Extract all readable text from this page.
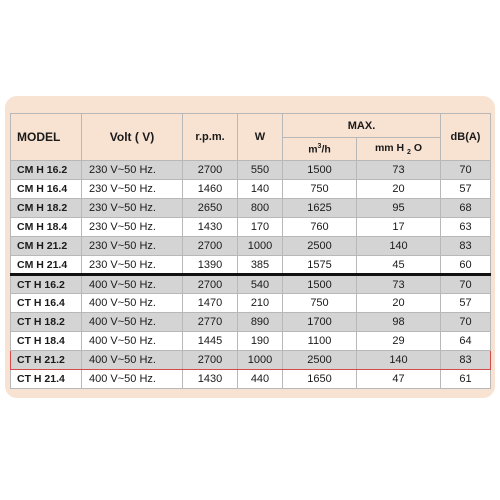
MODEL	Volt ( V)	r.p.m.	W	MAX.		dB(A)
				$m^3/h$	mm H $_2$ O	
CM H 16.2	230 V~50 Hz.	2700	550	1500	73	70
CM H 16.4	230 V~50 Hz.	1460	140	750	20	57
CM H 18.2	230 V~50 Hz.	2650	800	1625	95	68
CM H 18.4	230 V~50 Hz.	1430	170	760	17	63
CM H 21.2	230 V~50 Hz.	2700	1000	2500	140	83
CM H 21.4	230 V~50 Hz.	1390	385	1575	45	60
CT H 16.2	400 V~50 Hz.	2700	540	1500	73	70
CT H 16.4	400 V~50 Hz.	1470	210	750	20	57
CT H 18.2	400 V~50 Hz.	2770	890	1700	98	70
CT H 18.4	400 V~50 Hz.	1445	190	1100	29	64
CT H 21.2	400 V~50 Hz.	2700	1000	2500	140	83
CT H 21.4	400 V~50 Hz.	1430	440	1650	47	61
